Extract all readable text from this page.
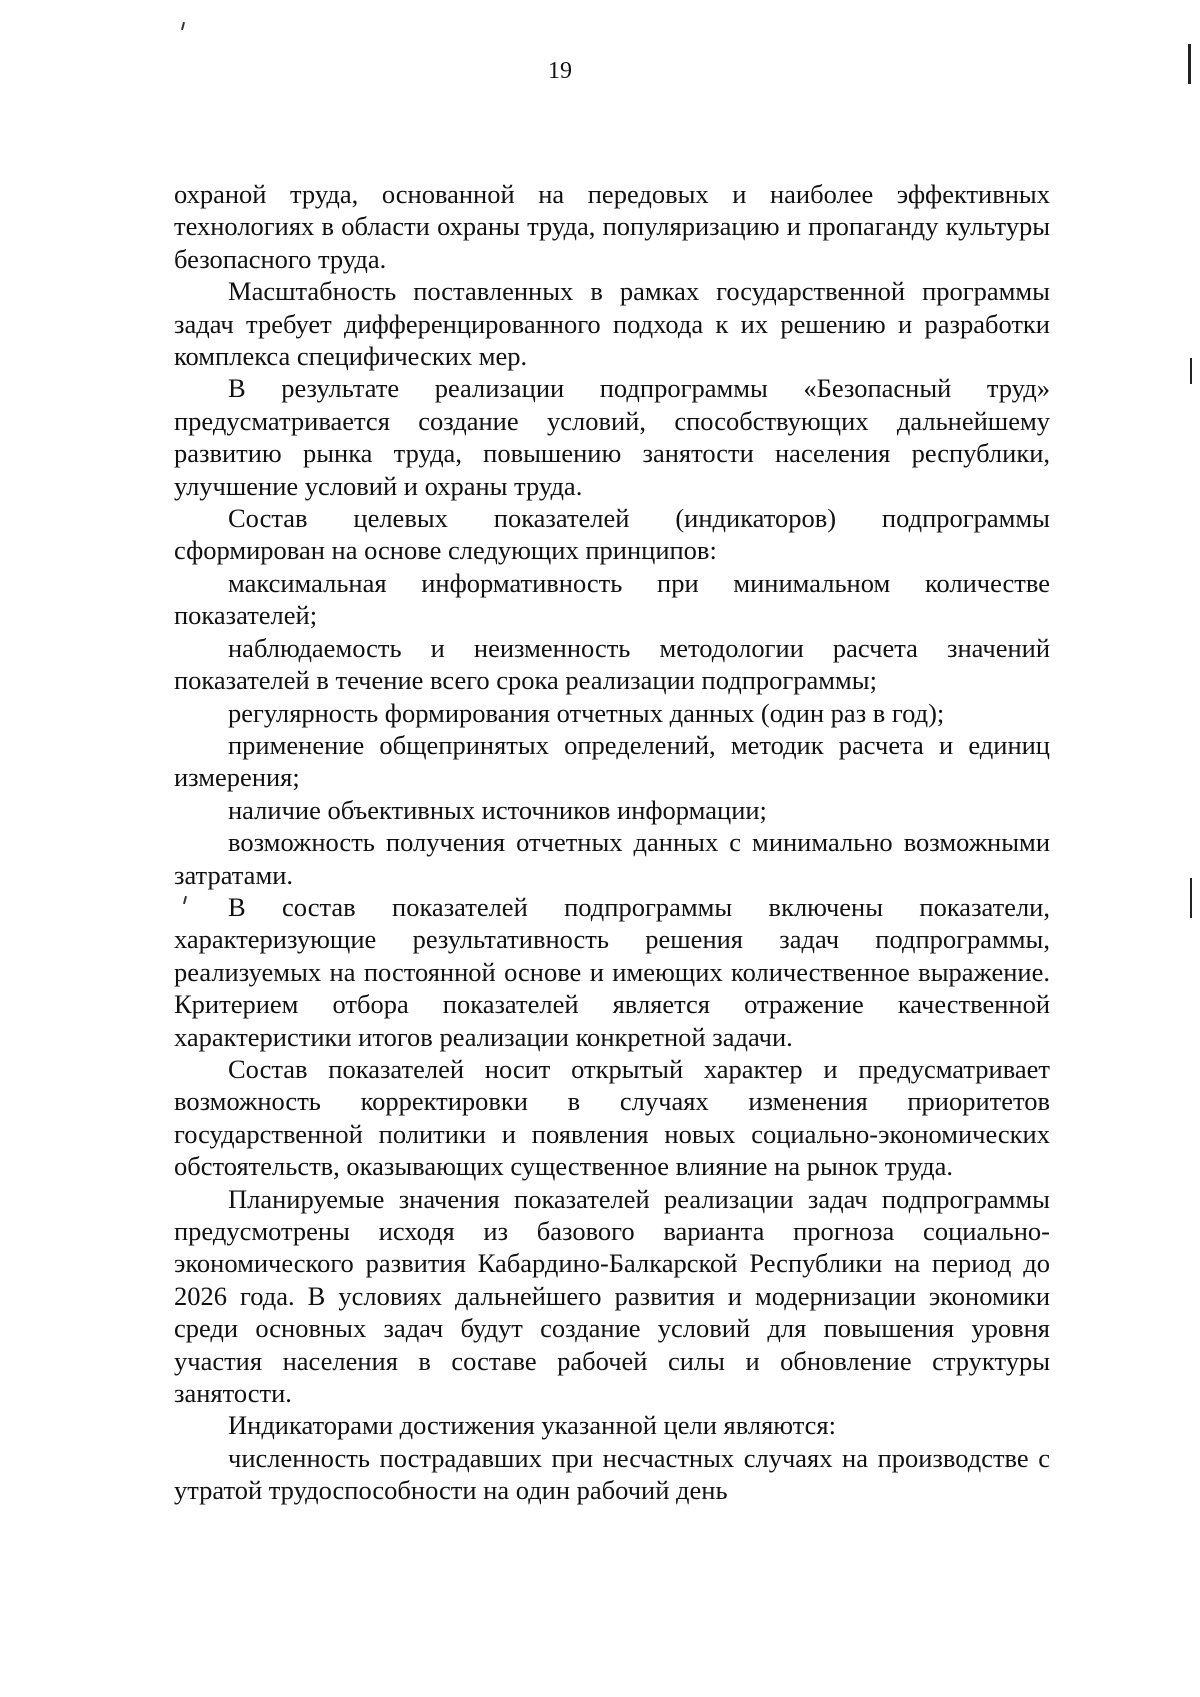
19

охраной труда, основанной на передовых и наиболее эффективных технологиях в области охраны труда, популяризацию и пропаганду культуры безопасного труда.

Масштабность поставленных в рамках государственной программы задач требует дифференцированного подхода к их решению и разработки комплекса специфических мер.

В результате реализации подпрограммы «Безопасный труд» предусматривается создание условий, способствующих дальнейшему развитию рынка труда, повышению занятости населения республики, улучшение условий и охраны труда.

Состав целевых показателей (индикаторов) подпрограммы сформирован на основе следующих принципов:

максимальная информативность при минимальном количестве показателей;

наблюдаемость и неизменность методологии расчета значений показателей в течение всего срока реализации подпрограммы;

регулярность формирования отчетных данных (один раз в год);

применение общепринятых определений, методик расчета и единиц измерения;

наличие объективных источников информации;

возможность получения отчетных данных с минимально возможными затратами.

В состав показателей подпрограммы включены показатели, характеризующие результативность решения задач подпрограммы, реализуемых на постоянной основе и имеющих количественное выражение. Критерием отбора показателей является отражение качественной характеристики итогов реализации конкретной задачи.

Состав показателей носит открытый характер и предусматривает возможность корректировки в случаях изменения приоритетов государственной политики и появления новых социально-экономических обстоятельств, оказывающих существенное влияние на рынок труда.

Планируемые значения показателей реализации задач подпрограммы предусмотрены исходя из базового варианта прогноза социально-экономического развития Кабардино-Балкарской Республики на период до 2026 года. В условиях дальнейшего развития и модернизации экономики среди основных задач будут создание условий для повышения уровня участия населения в составе рабочей силы и обновление структуры занятости.

Индикаторами достижения указанной цели являются:

численность пострадавших при несчастных случаях на производстве с утратой трудоспособности на один рабочий день
